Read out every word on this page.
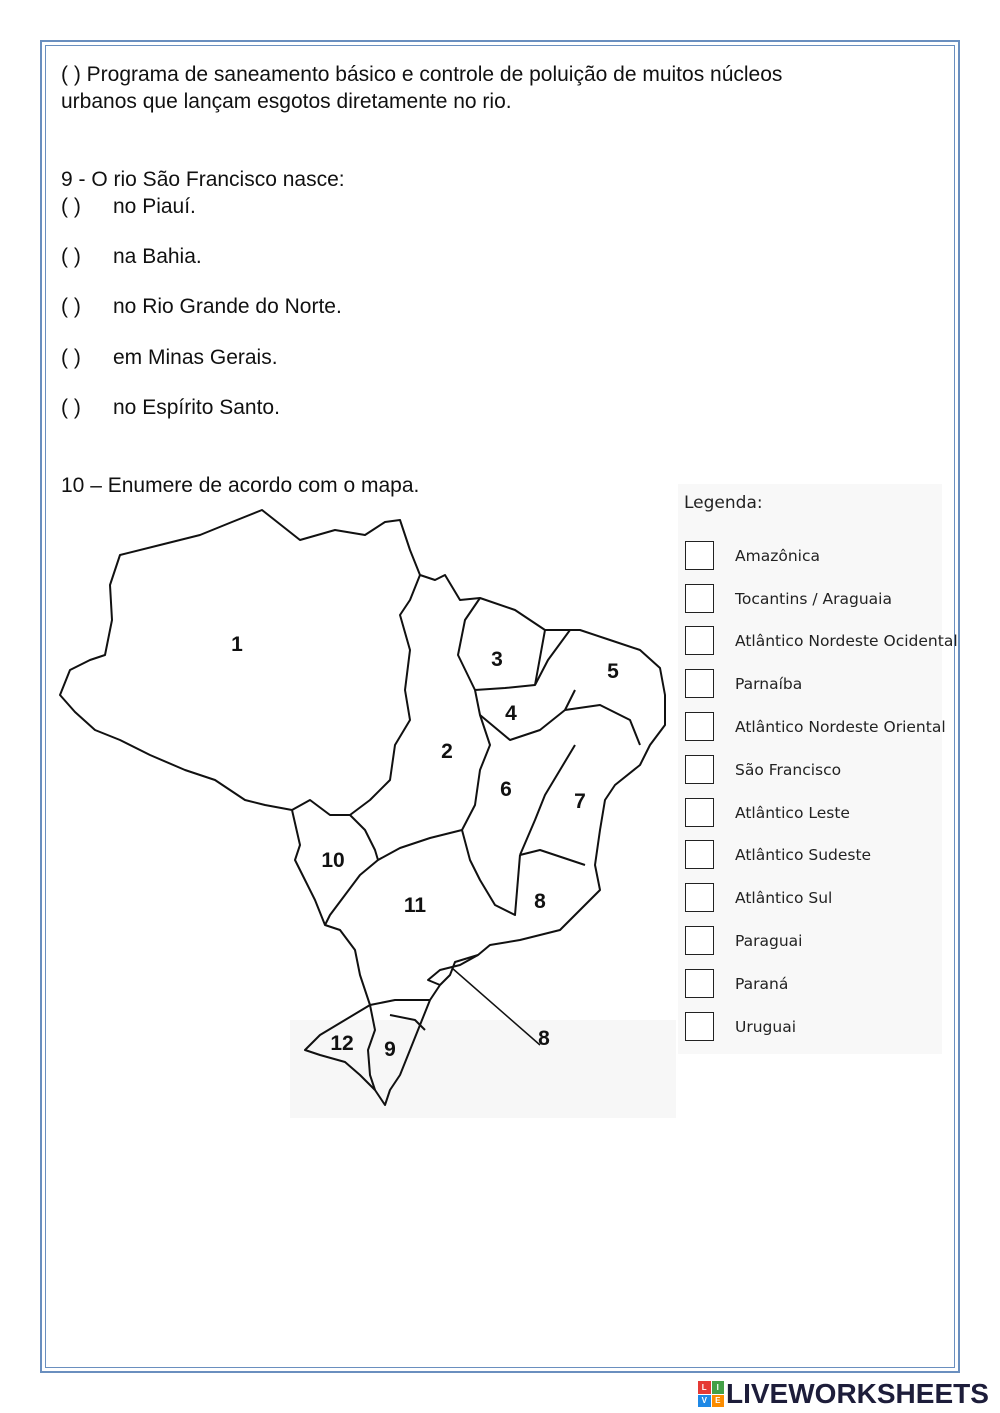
( ) Programa de saneamento básico e controle de poluição de muitos núcleos
urbanos que lançam esgotos diretamente no rio.
9 - O rio São Francisco nasce:
( ) no Piauí.
( ) na Bahia.
( ) no Rio Grande do Norte.
( ) em Minas Gerais.
( ) no Espírito Santo.
10 – Enumere de acordo com o mapa.
1
2
3
4
5
6
7
8
9
10
11
12	8
Legenda:
Amazônica
Tocantins / Araguaia
Atlântico Nordeste Ocidental
Parnaíba
Atlântico Nordeste Oriental
São Francisco
Atlântico Leste
Atlântico Sudeste
Atlântico Sul
Paraguai
Paraná
Uruguai
L	I
V	E LIVEWORKSHEETS
